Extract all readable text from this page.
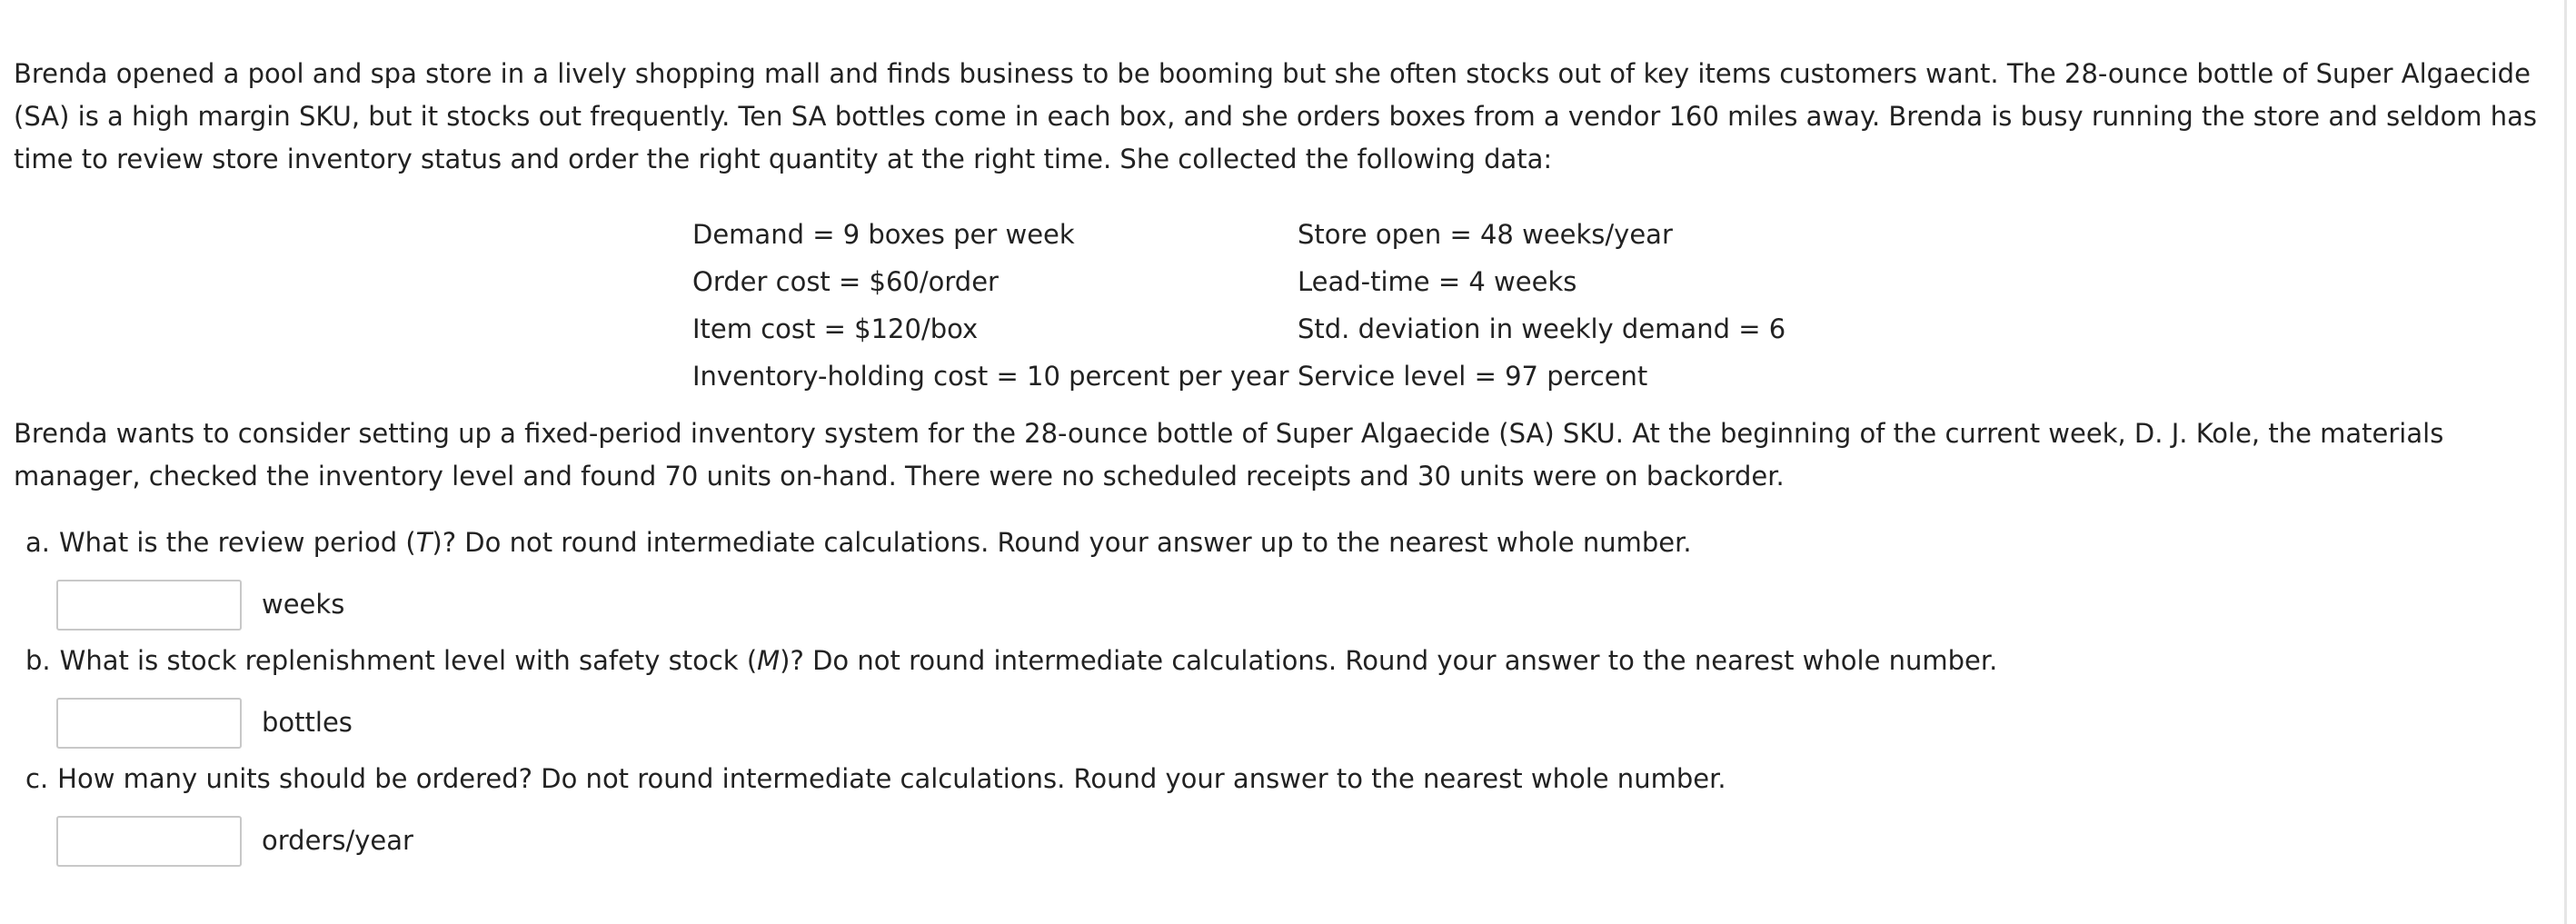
Brenda opened a pool and spa store in a lively shopping mall and finds business to be booming but she often stocks out of key items customers want. The 28-ounce bottle of Super Algaecide (SA) is a high margin SKU, but it stocks out frequently. Ten SA bottles come in each box, and she orders boxes from a vendor 160 miles away. Brenda is busy running the store and seldom has time to review store inventory status and order the right quantity at the right time. She collected the following data:

Demand = 9 boxes per week	Store open = 48 weeks/year
Order cost = $60/order	Lead-time = 4 weeks
Item cost = $120/box	Std. deviation in weekly demand = 6
Inventory-holding cost = 10 percent per year	Service level = 97 percent

Brenda wants to consider setting up a fixed-period inventory system for the 28-ounce bottle of Super Algaecide (SA) SKU. At the beginning of the current week, D. J. Kole, the materials manager, checked the inventory level and found 70 units on-hand. There were no scheduled receipts and 30 units were on backorder.

a. What is the review period (T)? Do not round intermediate calculations. Round your answer up to the nearest whole number.
weeks
b. What is stock replenishment level with safety stock (M)? Do not round intermediate calculations. Round your answer to the nearest whole number.
bottles
c. How many units should be ordered? Do not round intermediate calculations. Round your answer to the nearest whole number.
orders/year
